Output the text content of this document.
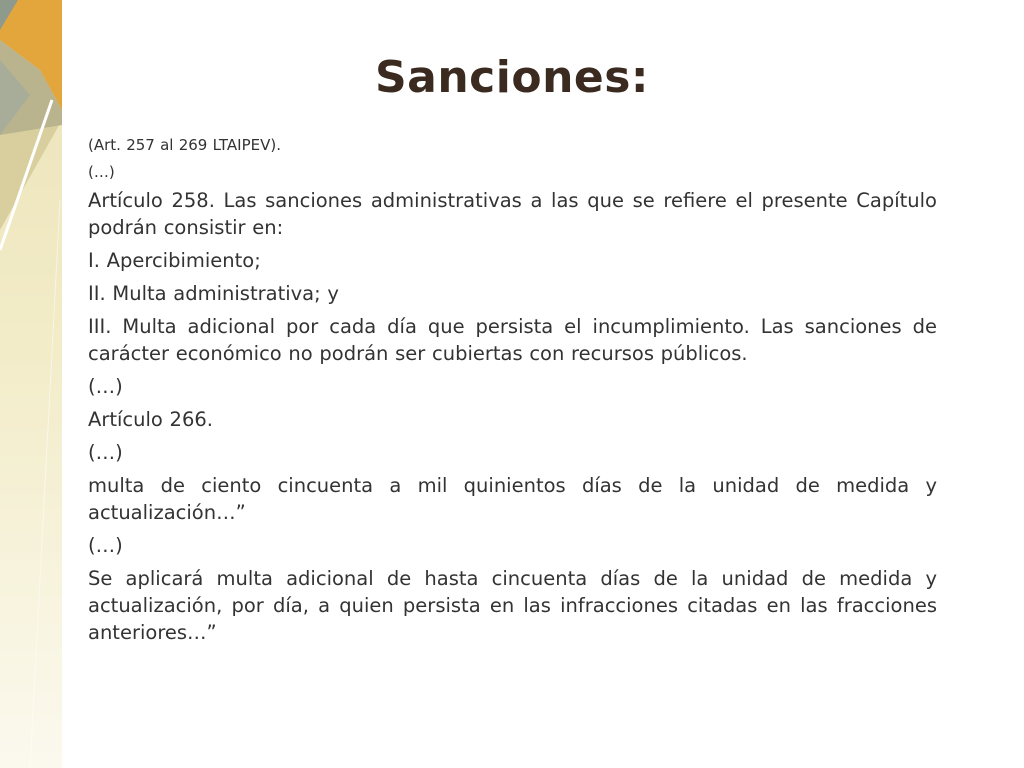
Sanciones:

(Art. 257 al 269 LTAIPEV).

(…)

Artículo 258. Las sanciones administrativas a las que se refiere el presente Capítulo podrán consistir en:

I. Apercibimiento;

II. Multa administrativa; y

III. Multa adicional por cada día que persista el incumplimiento. Las sanciones de carácter económico no podrán ser cubiertas con recursos públicos.

(…)

Artículo 266.

(…)

multa de ciento cincuenta a mil quinientos días de la unidad de medida y actualización…”

(…)

Se aplicará multa adicional de hasta cincuenta días de la unidad de medida y actualización, por día, a quien persista en las infracciones citadas en las fracciones anteriores…”
